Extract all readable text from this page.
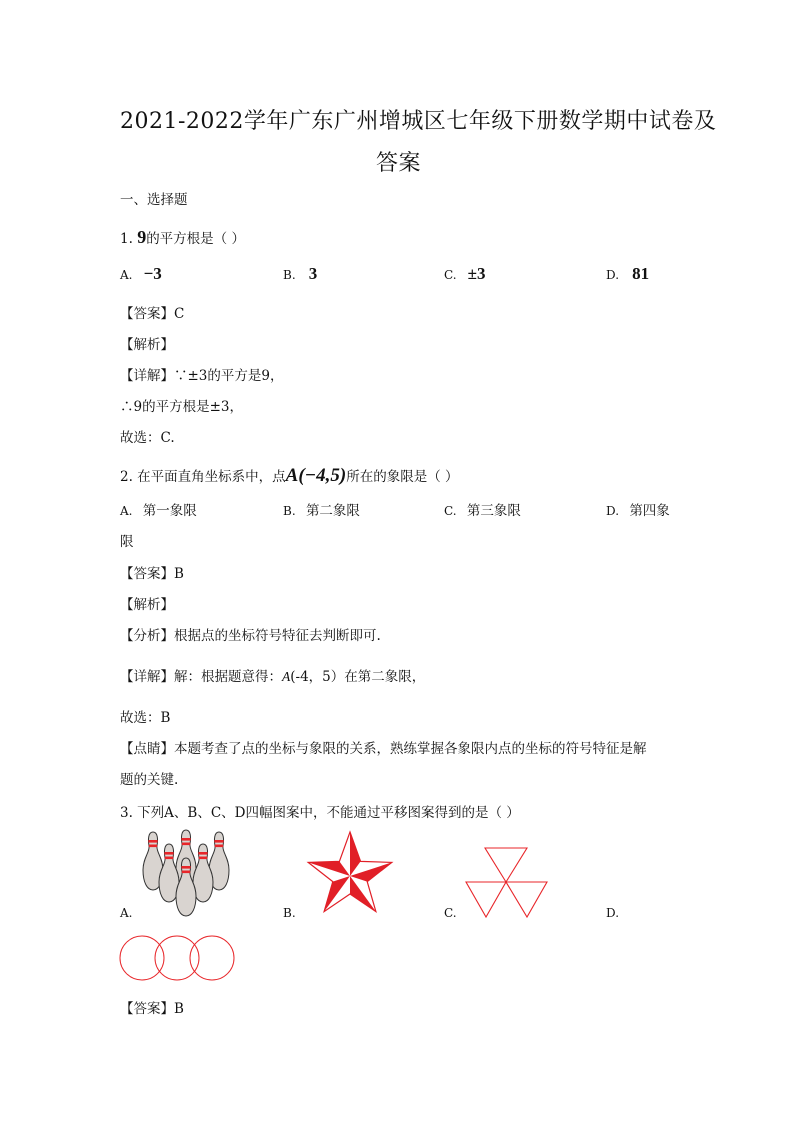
2021-2022学年广东广州增城区七年级下册数学期中试卷及
答案
一、选择题
1. 9的平方根是（ ）
A. −3	B. 3	C. ±3	D. 81
【答案】C
【解析】
【详解】∵±3的平方是9，
∴9的平方根是±3，
故选：C.
2. 在平面直角坐标系中，点A(−4,5)所在的象限是（ ）
A. 第一象限	B. 第二象限	C. 第三象限	D. 第四象
限
【答案】B
【解析】
【分析】根据点的坐标符号特征去判断即可.
【详解】解：根据题意得：A(-4，5）在第二象限，
故选：B
【点睛】本题考查了点的坐标与象限的关系，熟练掌握各象限内点的坐标的符号特征是解
题的关键.
3. 下列A、B、C、D四幅图案中，不能通过平移图案得到的是（ ）
A.	B.	C.	D.
【答案】B
